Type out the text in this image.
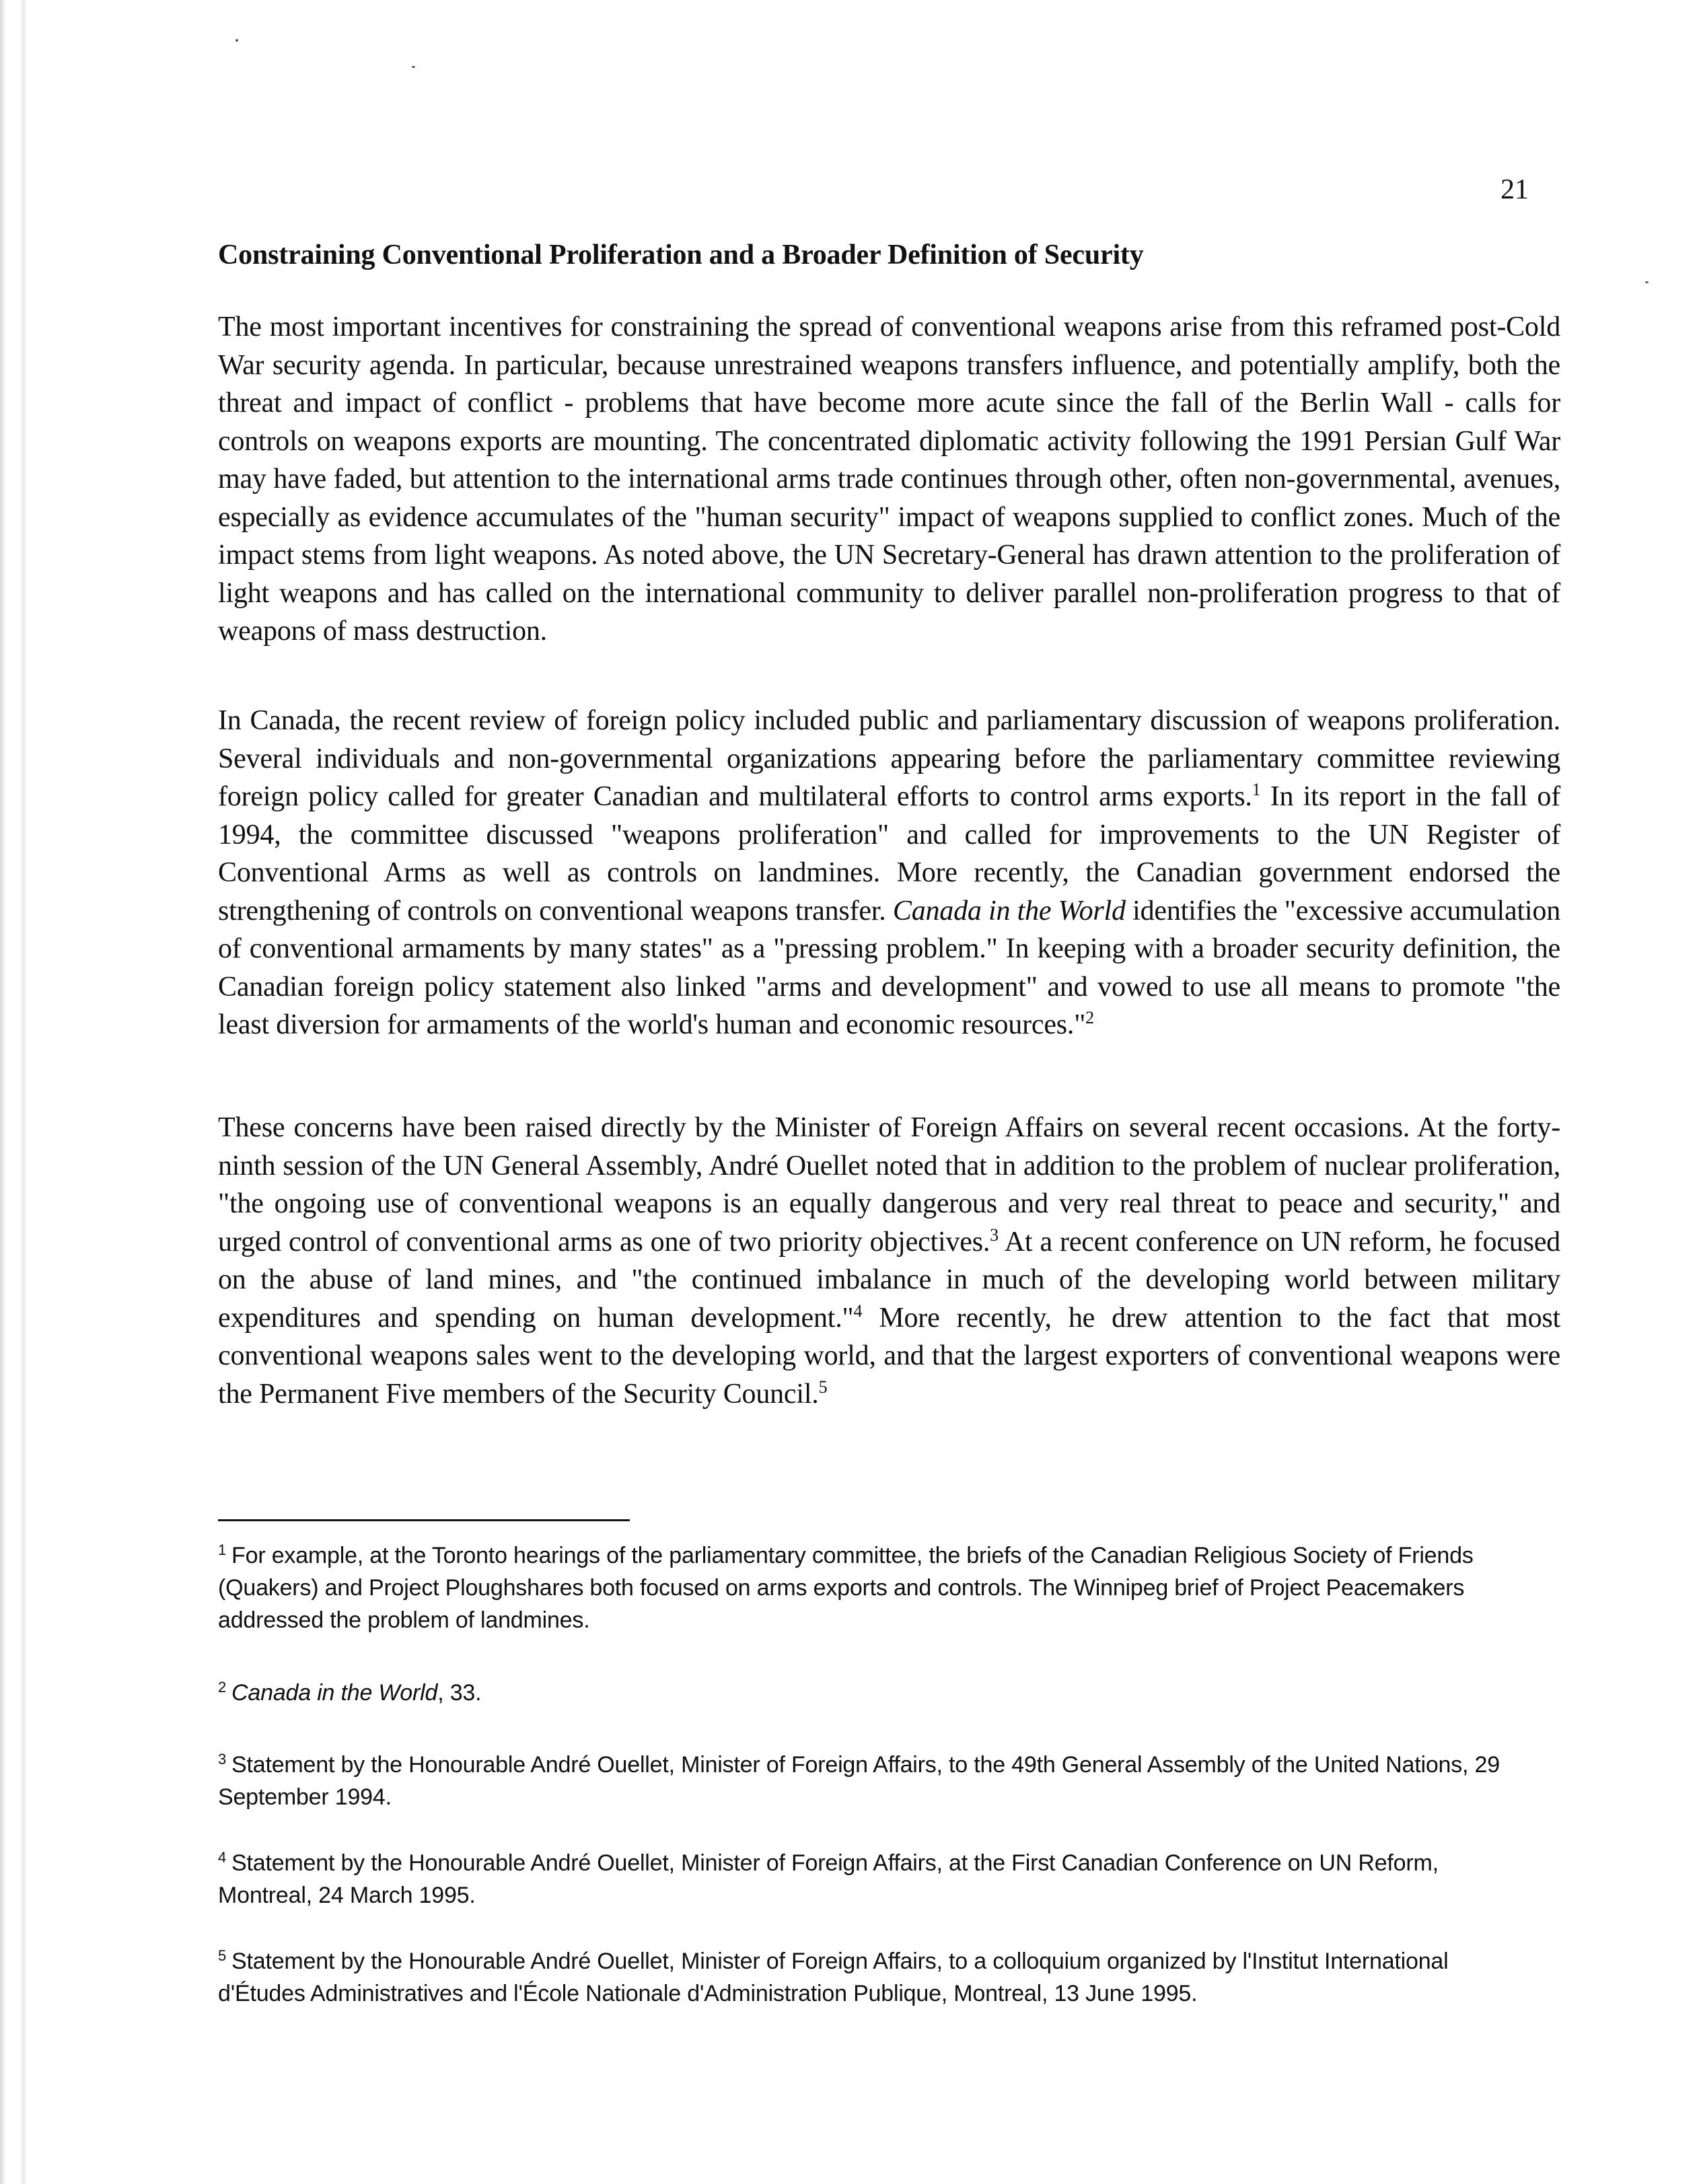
21
Constraining Conventional Proliferation and a Broader Definition of Security
The most important incentives for constraining the spread of conventional weapons arise from this reframed post-Cold War security agenda. In particular, because unrestrained weapons transfers influence, and potentially amplify, both the threat and impact of conflict - problems that have become more acute since the fall of the Berlin Wall - calls for controls on weapons exports are mounting. The concentrated diplomatic activity following the 1991 Persian Gulf War may have faded, but attention to the international arms trade continues through other, often non-governmental, avenues, especially as evidence accumulates of the "human security" impact of weapons supplied to conflict zones. Much of the impact stems from light weapons. As noted above, the UN Secretary-General has drawn attention to the proliferation of light weapons and has called on the international community to deliver parallel non-proliferation progress to that of weapons of mass destruction.
In Canada, the recent review of foreign policy included public and parliamentary discussion of weapons proliferation. Several individuals and non-governmental organizations appearing before the parliamentary committee reviewing foreign policy called for greater Canadian and multilateral efforts to control arms exports.$^1$ In its report in the fall of 1994, the committee discussed "weapons proliferation" and called for improvements to the UN Register of Conventional Arms as well as controls on landmines. More recently, the Canadian government endorsed the strengthening of controls on conventional weapons transfer. Canada in the World identifies the "excessive accumulation of conventional armaments by many states" as a "pressing problem." In keeping with a broader security definition, the Canadian foreign policy statement also linked "arms and development" and vowed to use all means to promote "the least diversion for armaments of the world's human and economic resources."$^2$
These concerns have been raised directly by the Minister of Foreign Affairs on several recent occasions. At the forty-ninth session of the UN General Assembly, André Ouellet noted that in addition to the problem of nuclear proliferation, "the ongoing use of conventional weapons is an equally dangerous and very real threat to peace and security," and urged control of conventional arms as one of two priority objectives.$^3$ At a recent conference on UN reform, he focused on the abuse of land mines, and "the continued imbalance in much of the developing world between military expenditures and spending on human development."$^4$ More recently, he drew attention to the fact that most conventional weapons sales went to the developing world, and that the largest exporters of conventional weapons were the Permanent Five members of the Security Council.$^5$
$^1$ For example, at the Toronto hearings of the parliamentary committee, the briefs of the Canadian Religious Society of Friends (Quakers) and Project Ploughshares both focused on arms exports and controls. The Winnipeg brief of Project Peacemakers addressed the problem of landmines.
$^2$ Canada in the World, 33.
$^3$ Statement by the Honourable André Ouellet, Minister of Foreign Affairs, to the 49th General Assembly of the United Nations, 29 September 1994.
$^4$ Statement by the Honourable André Ouellet, Minister of Foreign Affairs, at the First Canadian Conference on UN Reform, Montreal, 24 March 1995.
$^5$ Statement by the Honourable André Ouellet, Minister of Foreign Affairs, to a colloquium organized by l'Institut International d'Études Administratives and l'École Nationale d'Administration Publique, Montreal, 13 June 1995.
